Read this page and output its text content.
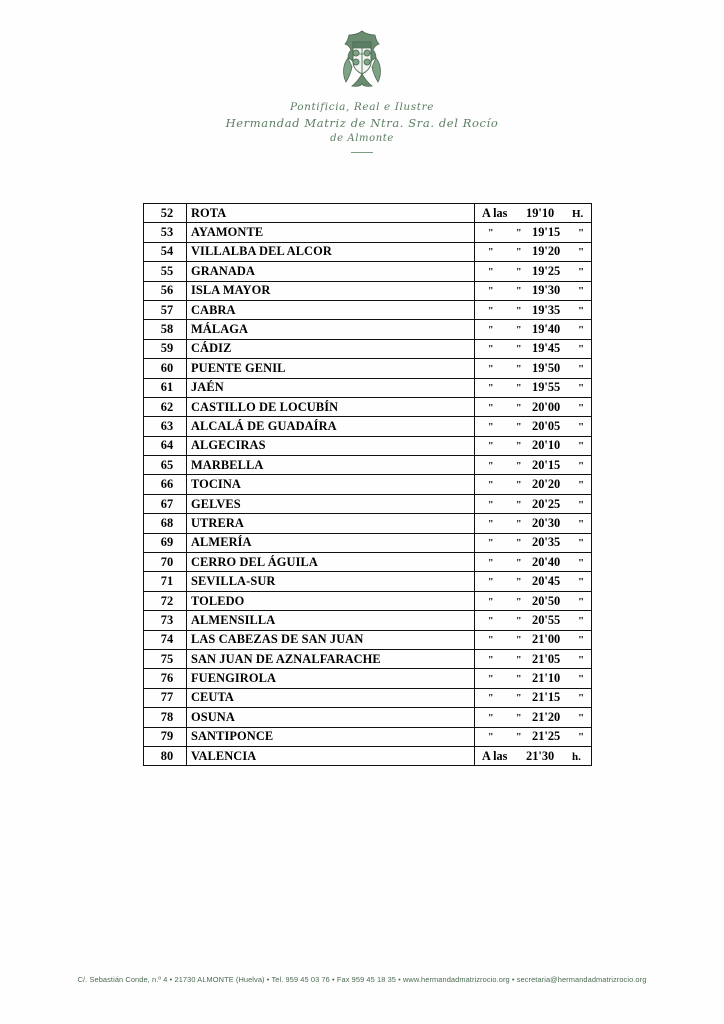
Pontificia, Real e Ilustre
Hermandad Matriz de Ntra. Sra. del Rocío
de Almonte
52	ROTA	A las 19'10 H.

53	AYAMONTE	" " 19'15 "

54	VILLALBA DEL ALCOR	" " 19'20 "

55	GRANADA	" " 19'25 "

56	ISLA MAYOR	" " 19'30 "

57	CABRA	" " 19'35 "

58	MÁLAGA	" " 19'40 "

59	CÁDIZ	" " 19'45 "

60	PUENTE GENIL	" " 19'50 "

61	JAÉN	" " 19'55 "

62	CASTILLO DE LOCUBÍN	" " 20'00 "

63	ALCALÁ DE GUADAÍRA	" " 20'05 "

64	ALGECIRAS	" " 20'10 "

65	MARBELLA	" " 20'15 "

66	TOCINA	" " 20'20 "

67	GELVES	" " 20'25 "

68	UTRERA	" " 20'30 "

69	ALMERÍA	" " 20'35 "

70	CERRO DEL ÁGUILA	" " 20'40 "

71	SEVILLA-SUR	" " 20'45 "

72	TOLEDO	" " 20'50 "

73	ALMENSILLA	" " 20'55 "

74	LAS CABEZAS DE SAN JUAN	" " 21'00 "

75	SAN JUAN DE AZNALFARACHE	" " 21'05 "

76	FUENGIROLA	" " 21'10 "

77	CEUTA	" " 21'15 "

78	OSUNA	" " 21'20 "

79	SANTIPONCE	" " 21'25 "

80	VALENCIA	A las 21'30 h.
C/. Sebastián Conde, n.º 4 • 21730 ALMONTE (Huelva) • Tel. 959 45 03 76 • Fax 959 45 18 35 • www.hermandadmatrizrocio.org • secretaria@hermandadmatrizrocio.org
